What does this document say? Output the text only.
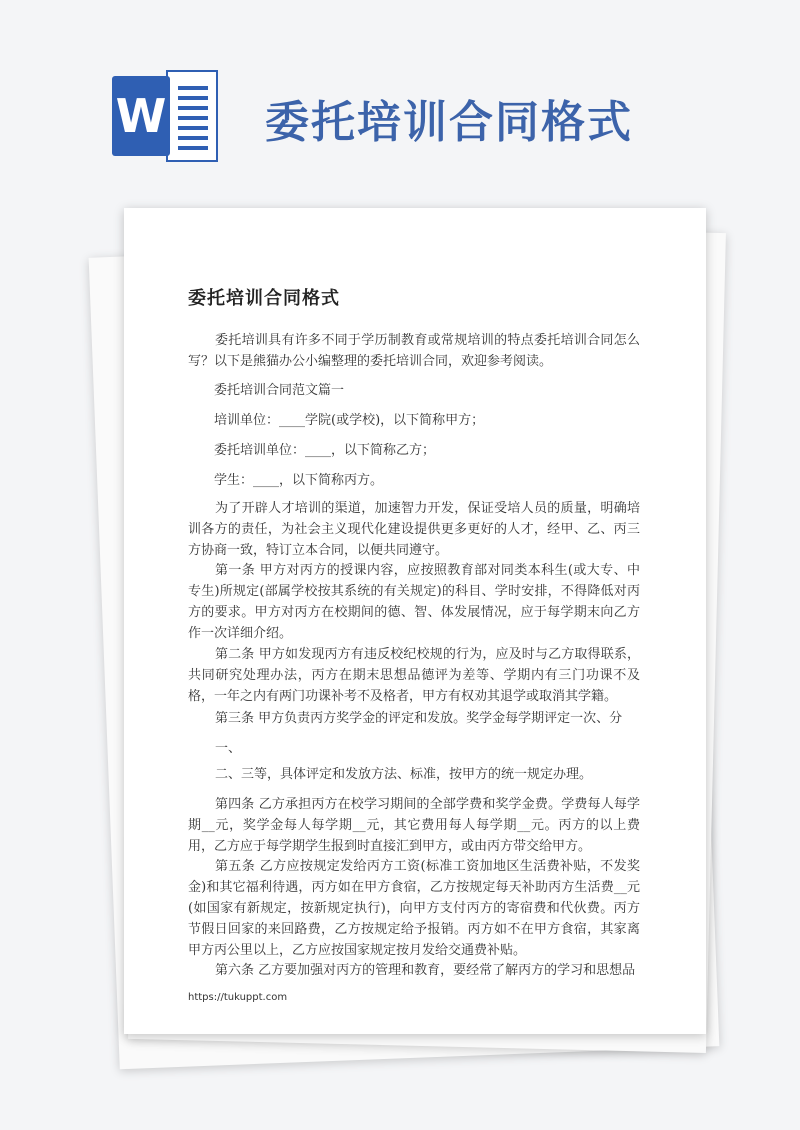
W 委托培训合同格式
委托培训合同格式

委托培训具有许多不同于学历制教育或常规培训的特点委托培训合同怎么写？以下是熊猫办公小编整理的委托培训合同，欢迎参考阅读。

委托培训合同范文篇一

培训单位：____学院(或学校)，以下简称甲方；

委托培训单位：____，以下简称乙方；

学生：____，以下简称丙方。

为了开辟人才培训的渠道，加速智力开发，保证受培人员的质量，明确培训各方的责任，为社会主义现代化建设提供更多更好的人才，经甲、乙、丙三方协商一致，特订立本合同，以便共同遵守。

第一条 甲方对丙方的授课内容，应按照教育部对同类本科生(或大专、中专生)所规定(部属学校按其系统的有关规定)的科目、学时安排，不得降低对丙方的要求。甲方对丙方在校期间的德、智、体发展情况，应于每学期末向乙方作一次详细介绍。

第二条 甲方如发现丙方有违反校纪校规的行为，应及时与乙方取得联系，共同研究处理办法，丙方在期末思想品德评为差等、学期内有三门功课不及格，一年之内有两门功课补考不及格者，甲方有权劝其退学或取消其学籍。

第三条 甲方负责丙方奖学金的评定和发放。奖学金每学期评定一次、分

一、

二、三等，具体评定和发放方法、标准，按甲方的统一规定办理。

第四条 乙方承担丙方在校学习期间的全部学费和奖学金费。学费每人每学期__元，奖学金每人每学期__元，其它费用每人每学期__元。丙方的以上费用，乙方应于每学期学生报到时直接汇到甲方，或由丙方带交给甲方。

第五条 乙方应按规定发给丙方工资(标准工资加地区生活费补贴，不发奖金)和其它福利待遇，丙方如在甲方食宿，乙方按规定每天补助丙方生活费__元(如国家有新规定，按新规定执行)，向甲方支付丙方的寄宿费和代伙费。丙方节假日回家的来回路费，乙方按规定给予报销。丙方如不在甲方食宿，其家离甲方丙公里以上，乙方应按国家规定按月发给交通费补贴。

第六条 乙方要加强对丙方的管理和教育，要经常了解丙方的学习和思想品

https://tukuppt.com
